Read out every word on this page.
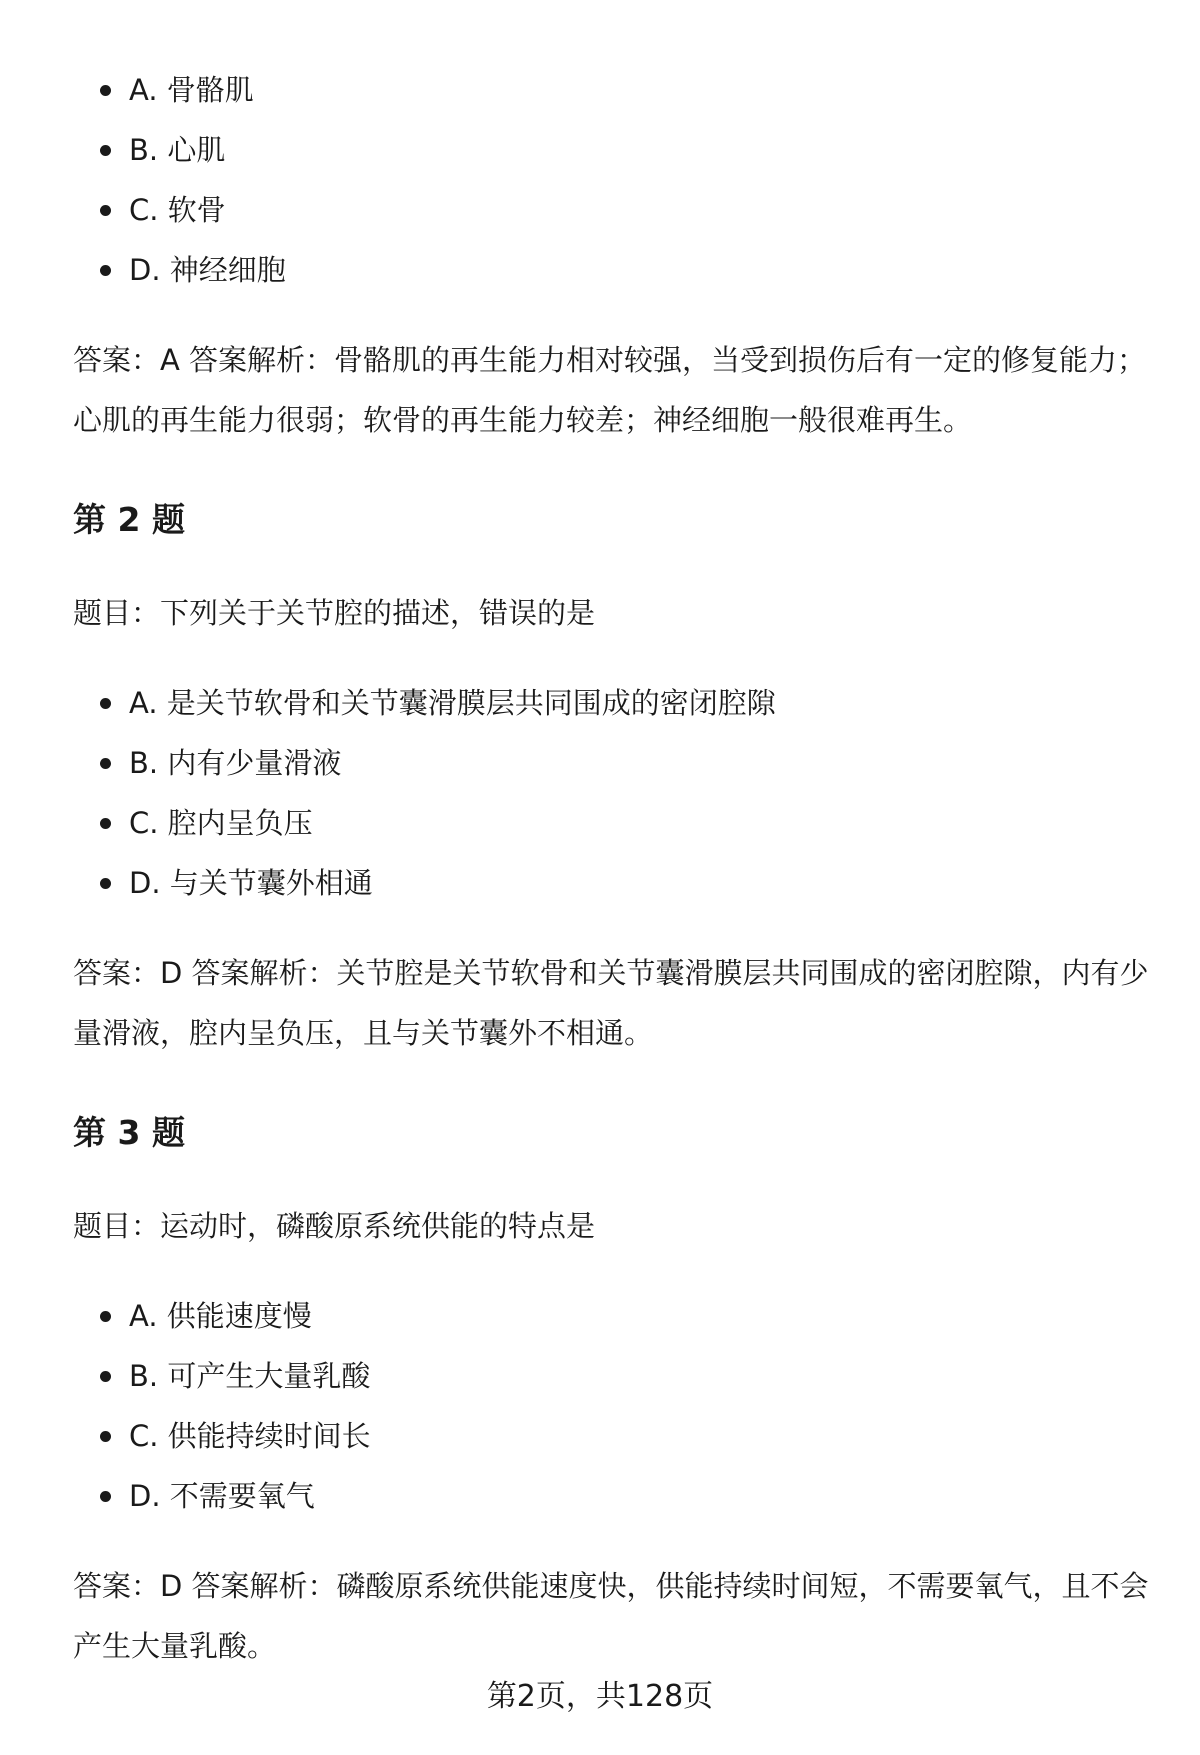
A. 骨骼肌
B. 心肌
C. 软骨
D. 神经细胞

答案：A 答案解析：骨骼肌的再生能力相对较强，当受到损伤后有一定的修复能力；心肌的再生能力很弱；软骨的再生能力较差；神经细胞一般很难再生。

第 2 题
题目：下列关于关节腔的描述，错误的是
A. 是关节软骨和关节囊滑膜层共同围成的密闭腔隙
B. 内有少量滑液
C. 腔内呈负压
D. 与关节囊外相通

答案：D 答案解析：关节腔是关节软骨和关节囊滑膜层共同围成的密闭腔隙，内有少量滑液，腔内呈负压，且与关节囊外不相通。

第 3 题
题目：运动时，磷酸原系统供能的特点是
A. 供能速度慢
B. 可产生大量乳酸
C. 供能持续时间长
D. 不需要氧气

答案：D 答案解析：磷酸原系统供能速度快，供能持续时间短，不需要氧气，且不会产生大量乳酸。

第2页，共128页
